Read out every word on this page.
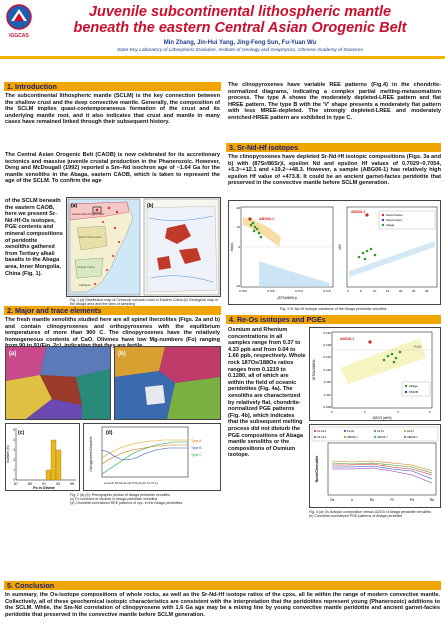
IGGCAS
Juvenile subcontinental lithospheric mantle
beneath the eastern Central Asian Orogenic Belt
Min Zhang, Jin-Hui Yang, Jing-Feng Sun, Fu-Yuan Wu
State Key Laboratory of Lithospheric Evolution, Institute of Geology and Geophysics, Chinese Academy of Sciences
1. Introduction
The subcontinental lithospheric mantle (SCLM) is the key connection between the shallow crust and the deep convective mantle. Generally, the composition of the SCLM implies quasi-contemporaneous formation of the crust and its underlying mantle root, and it also indicates that crust and mantle in many cases have remained linked through their subsequent history.
The Central Asian Orogenic Belt (CAOB) is now celebrated for its accretionary tectonics and massive juvenile crustal production in the Phanerozoic. However, Deng and McDougall (1992) reported a Sm–Nd isochron age of ~1.64 Ga for the mantle xenoliths in the Abaga, eastern CAOB, which is taken to represent the age of the SCLM. To confirm the age
of the SCLM beneath the eastern CAOB, here we present Sr-Nd-Hf-Os isotopes, PGE contents and mineral compositions of peridotite xenoliths gathered from Tertiary alkali basalts in the Abaga area, Inner Mongolia, China (Fig. 1).
(a)
Central Asian Orogenic Belt
North China Craton
Yangtze Craton
Cathaysia
(b)
Fig. 1 (a) Distribution map of Cenozoic volcanic rocks in Eastern China (b) Geological map of the Abaga area and the sites of sampling
2. Major and trace elements
The fresh mantle xenoliths studied here are all spinel lherzolites (Figs. 2a and b) and contain clinopyroxenes and orthopyroxenes with the equilibrium temperatures of more than 900 C. The clinopyroxenes have the relatively homogeneous contents of CaO. Olivines have low Mg-numbers (Fo) ranging
(a)	(b)
87	89	91	93	95
0
1
2
3
4
5
Fo in Olivine
Number (N)
(c)
Type A
Type B
Type C
La Ce Pr Nd Sm Eu Gd Tb Dy Ho Er Tm Yb Lu
Clinopyroxene/Chondrite
(d)
Fig. 2 (a),(b): Petrographic photos of Abaga peridotite xenoliths
(c) Fo numbers of olivines in Abaga peridotite xenoliths
(d) Chondrite-normalized REE patterns of cpx. in the Abaga peridotites
The clinopyroxenes have variable REE patterns (Fig.4) in the chondrite-normalized diagrams, indicating a complex partial melting-metasomatism process. The type A shows the moderately depleted-LREE pattern and flat HREE pattern. The type B with the 'V' shape presents a moderately flat pattern with less MREE-depleted. The strongly depleted-LREE and moderately enriched-HREE pattern are exhibited in type C.
3. Sr-Nd-Hf isotopes
The clinopyroxenes have depleted Sr-Nd-Hf isotopic compositions (Figs. 3a and b) with (87Sr/86Sr)i, epsilon Nd and epsilon Hf values of 0.7029~0.7054, +5.3~+12.1 and +19.2~+48.3. However, a sample (ABG06-1) has relatively high epsilon Hf value of +473.8. It could be an ancient garnet-facies peridotite that preserved in the convective mantle before SCLM generation.
ABG06-1
0.700	0.705	0.710	0.715
-10
0
10
20
(87Sr/86Sr)i
εNd(t)
Garnet facies
Spinel facies
Abaga
ABG06-1
0	5	10	15	20	25	30
εHf
Fig. 3 Sr-Nd-Hf isotopic variations of the Abaga peridotitic xenoliths
4. Re-Os isotopes and PGEs
Osmium and Rhenium concentrations in all samples range from 0.37 to 4.33 ppb and from 0.04 to 1.66 ppb, respectively. Whole rock 187Os/188Os ratios ranges from 0.1219 to 0.1280, all of which are within the field of oceanic peridotites (Fig. 4a). The xenoliths are characterized by relatively flat, chondrite-normalized PGE patterns (Fig. 4b), which indicates that the subsequent melting process did not disturb the PGE compositions of Abaga mantle xenoliths or the compositions of Osmium isotope.
PUM
ABG06-1
Abaga
KMOB
0.108
0.112
0.116
0.120
0.124
0.128
0.132
0	2	4	6
Al2O3 (wt%)
187Os/188Os
A1-A2-1	A1-A2	A2-10	A2-11
A3-A2-1	ABG06-1	ABG06-7	ABG06-1
Os	Ir	Ru	Pt	Pd	Re
Rock/Chondrite
Fig. 4 (a) Os isotopic composition versus Al2O3 of Abaga peridotite xenoliths
(b) Chondrite-normalized PGE patterns of Abaga peridotite
5. Conclusion
In summary, the Os-isotope compositions of whole rocks, as well as the Sr-Nd-Hf isotope ratios of the cpxs, all lie within the range of modern convective mantle. Collectively, all of these geochemical isotopic characteristics are consistent with the interpretation that the peridotites represent young (Phanerozoic) additions to the SCLM. While, the Sm-Nd correlation of clinopyroxene with 1.6 Ga age may be a mixing line by young convective mantle peridotite and ancient garnet-facies peridotite that preserved in the convective mantle before SCLM generation.
